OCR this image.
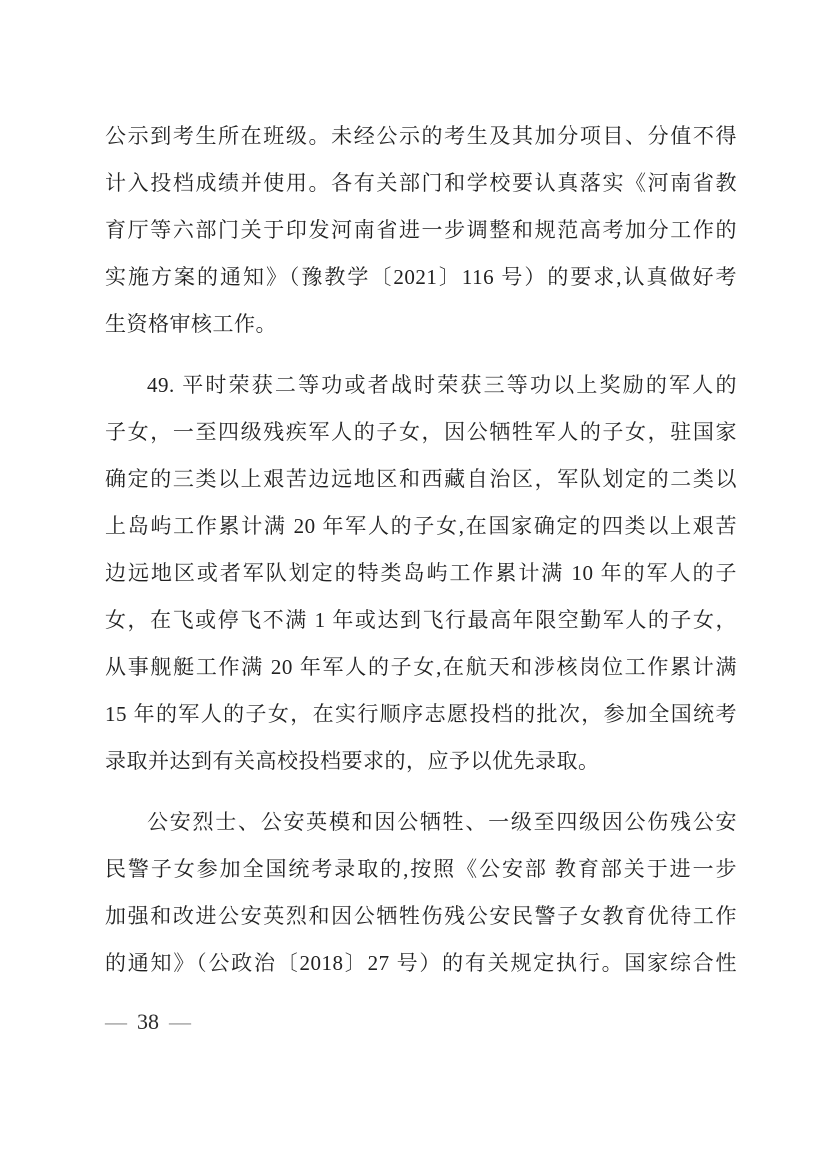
公示到考生所在班级。未经公示的考生及其加分项目、分值不得
计入投档成绩并使用。各有关部门和学校要认真落实《河南省教
育厅等六部门关于印发河南省进一步调整和规范高考加分工作的
实施方案的通知》（豫教学〔2021〕116 号）的要求,认真做好考
生资格审核工作。
49. 平时荣获二等功或者战时荣获三等功以上奖励的军人的
子女，一至四级残疾军人的子女，因公牺牲军人的子女，驻国家
确定的三类以上艰苦边远地区和西藏自治区，军队划定的二类以
上岛屿工作累计满 20 年军人的子女,在国家确定的四类以上艰苦
边远地区或者军队划定的特类岛屿工作累计满 10 年的军人的子
女，在飞或停飞不满 1 年或达到飞行最高年限空勤军人的子女，
从事舰艇工作满 20 年军人的子女,在航天和涉核岗位工作累计满
15 年的军人的子女，在实行顺序志愿投档的批次，参加全国统考
录取并达到有关高校投档要求的，应予以优先录取。
公安烈士、公安英模和因公牺牲、一级至四级因公伤残公安
民警子女参加全国统考录取的,按照《公安部 教育部关于进一步
加强和改进公安英烈和因公牺牲伤残公安民警子女教育优待工作
的通知》（公政治〔2018〕27 号）的有关规定执行。国家综合性
— 38 —
